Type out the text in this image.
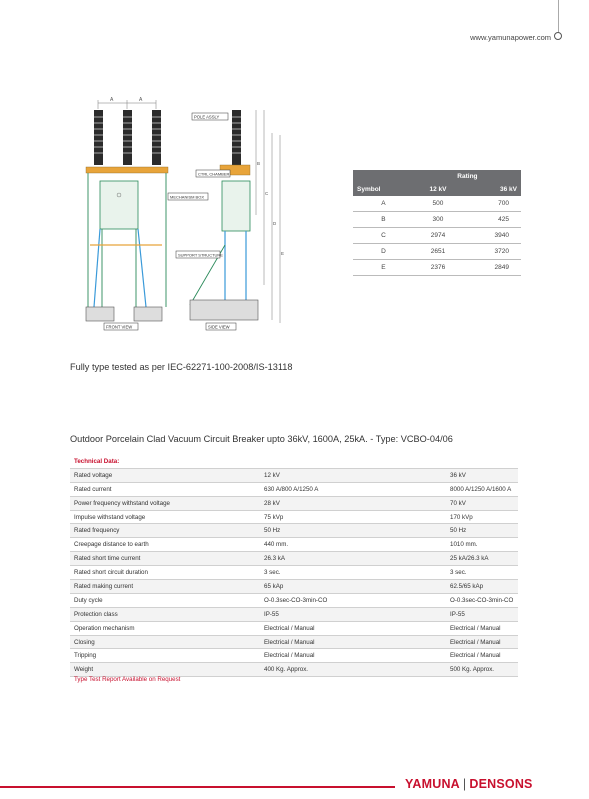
www.yamunapower.com
A	A
FRONT VIEW	SIDE VIEW
B
C
D
E
POLE ASSLY
CTRL CHAMBER
MECHANISM BOX
SUPPORT STRUCTURE
	Rating	
Symbol	12 kV	36 kV
A	500	700
B	300	425
C	2974	3940
D	2651	3720
E	2376	2849
Fully type tested as per IEC-62271-100-2008/IS-13118
Outdoor Porcelain Clad Vacuum Circuit Breaker upto 36kV, 1600A, 25kA. - Type: VCBO-04/06
Technical Data:		
Rated voltage	12 kV	36 kV
Rated current	630 A/800 A/1250 A	8000 A/1250 A/1600 A
Power frequency withstand voltage	28 kV	70 kV
Impulse withstand voltage	75 kVp	170 kVp
Rated frequency	50 Hz	50 Hz
Creepage distance to earth	440 mm.	1010 mm.
Rated short time current	26.3 kA	25 kA/26.3 kA
Rated short circuit duration	3 sec.	3 sec.
Rated making current	65 kAp	62.5/65 kAp
Duty cycle	O-0.3sec-CO-3min-CO	O-0.3sec-CO-3min-CO
Protection class	IP-55	IP-55
Operation mechanism	Electrical / Manual	Electrical / Manual
Closing	Electrical / Manual	Electrical / Manual
Tripping	Electrical / Manual	Electrical / Manual
Weight	400 Kg. Approx.	500 Kg. Approx.
Type Test Report Available on Request
YAMUNA | DENSONS
